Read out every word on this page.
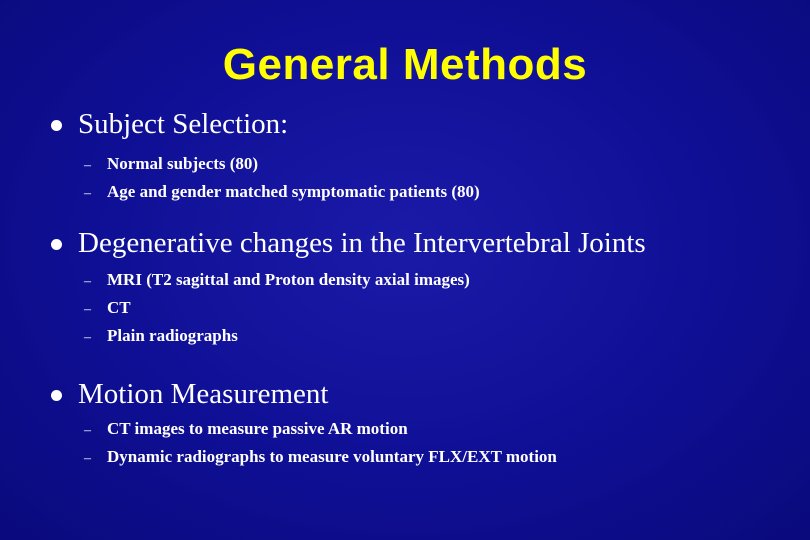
General Methods
Subject Selection:
– Normal subjects (80)
– Age and gender matched symptomatic patients (80)
Degenerative changes in the Intervertebral Joints
– MRI (T2 sagittal and Proton density axial images)
– CT
– Plain radiographs
Motion Measurement
– CT images to measure passive AR motion
– Dynamic radiographs to measure voluntary FLX/EXT motion
